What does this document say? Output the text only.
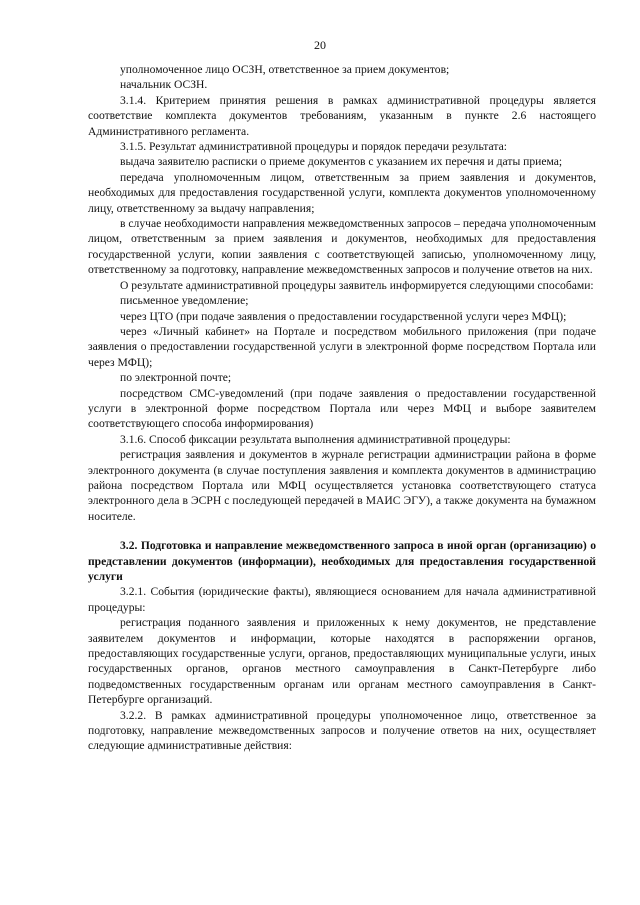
20

уполномоченное лицо ОСЗН, ответственное за прием документов;

начальник ОСЗН.

3.1.4. Критерием принятия решения в рамках административной процедуры является соответствие комплекта документов требованиям, указанным в пункте 2.6 настоящего Административного регламента.

3.1.5. Результат административной процедуры и порядок передачи результата:

выдача заявителю расписки о приеме документов с указанием их перечня и даты приема;

передача уполномоченным лицом, ответственным за прием заявления и документов, необходимых для предоставления государственной услуги, комплекта документов уполномоченному лицу, ответственному за выдачу направления;

в случае необходимости направления межведомственных запросов – передача уполномоченным лицом, ответственным за прием заявления и документов, необходимых для предоставления государственной услуги, копии заявления с соответствующей записью, уполномоченному лицу, ответственному за подготовку, направление межведомственных запросов и получение ответов на них.

О результате административной процедуры заявитель информируется следующими способами:

письменное уведомление;

через ЦТО (при подаче заявления о предоставлении государственной услуги через МФЦ);

через «Личный кабинет» на Портале и посредством мобильного приложения (при подаче заявления о предоставлении государственной услуги в электронной форме посредством Портала или через МФЦ);

по электронной почте;

посредством СМС-уведомлений (при подаче заявления о предоставлении государственной услуги в электронной форме посредством Портала или через МФЦ и выборе заявителем соответствующего способа информирования)

3.1.6. Способ фиксации результата выполнения административной процедуры:

регистрация заявления и документов в журнале регистрации администрации района в форме электронного документа (в случае поступления заявления и комплекта документов в администрацию района посредством Портала или МФЦ осуществляется установка соответствующего статуса электронного дела в ЭСРН с последующей передачей в МАИС ЭГУ), а также документа на бумажном носителе.

3.2. Подготовка и направление межведомственного запроса в иной орган (организацию) о представлении документов (информации), необходимых для предоставления государственной услуги

3.2.1. События (юридические факты), являющиеся основанием для начала административной процедуры:

регистрация поданного заявления и приложенных к нему документов, не представление заявителем документов и информации, которые находятся в распоряжении органов, предоставляющих государственные услуги, органов, предоставляющих муниципальные услуги, иных государственных органов, органов местного самоуправления в Санкт-Петербурге либо подведомственных государственным органам или органам местного самоуправления в Санкт-Петербурге организаций.

3.2.2. В рамках административной процедуры уполномоченное лицо, ответственное за подготовку, направление межведомственных запросов и получение ответов на них, осуществляет следующие административные действия:
